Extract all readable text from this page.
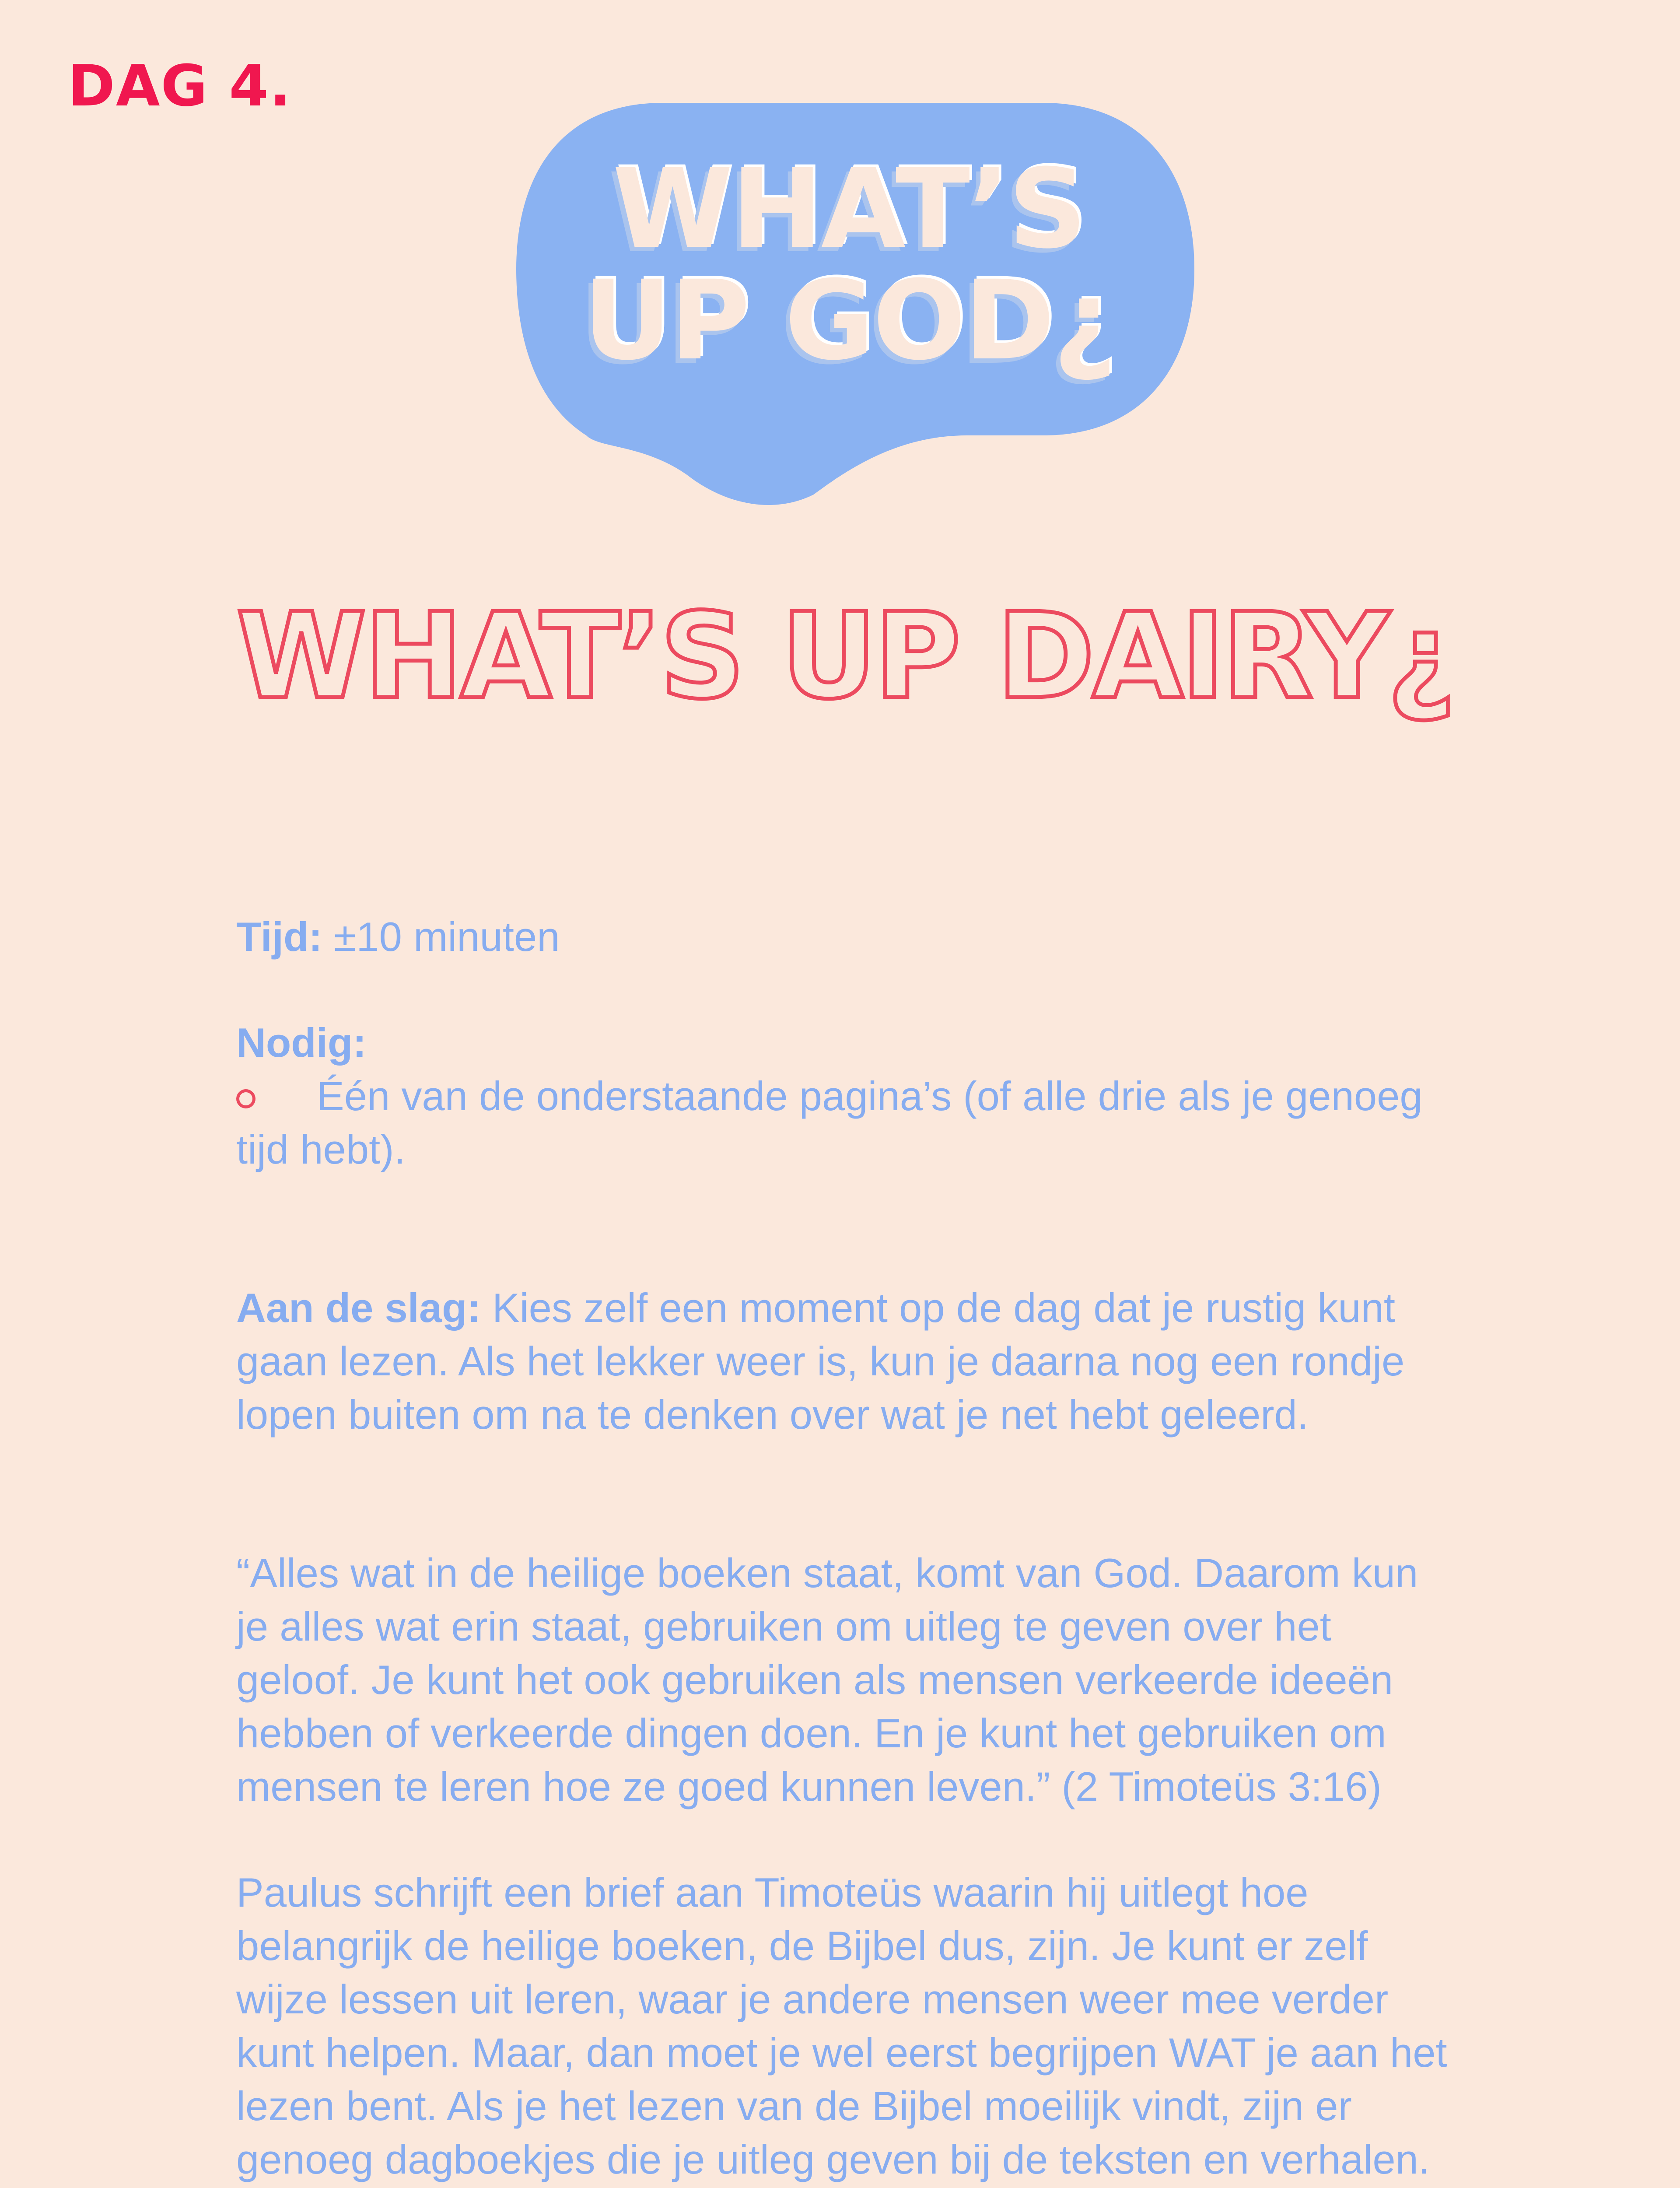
DAG 4.
WHAT’S
UP GOD¿
WHAT’S UP DAIRY¿

Tijd: ±10 minuten

Nodig:

Één van de onderstaande pagina’s (of alle drie als je genoeg tijd hebt).

Aan de slag: Kies zelf een moment op de dag dat je rustig kunt gaan lezen. Als het lekker weer is, kun je daarna nog een rondje lopen buiten om na te denken over wat je net hebt geleerd.

“Alles wat in de heilige boeken staat, komt van God. Daarom kun je alles wat erin staat, gebruiken om uitleg te geven over het geloof. Je kunt het ook gebruiken als mensen verkeerde ideeën hebben of verkeerde dingen doen. En je kunt het gebruiken om mensen te leren hoe ze goed kunnen leven.” (2 Timoteüs 3:16)

Paulus schrijft een brief aan Timoteüs waarin hij uitlegt hoe belangrijk de heilige boeken, de Bijbel dus, zijn. Je kunt er zelf wijze lessen uit leren, waar je andere mensen weer mee verder kunt helpen. Maar, dan moet je wel eerst begrijpen WAT je aan het lezen bent. Als je het lezen van de Bijbel moeilijk vindt, zijn er genoeg dagboekjes die je uitleg geven bij de teksten en verhalen.
